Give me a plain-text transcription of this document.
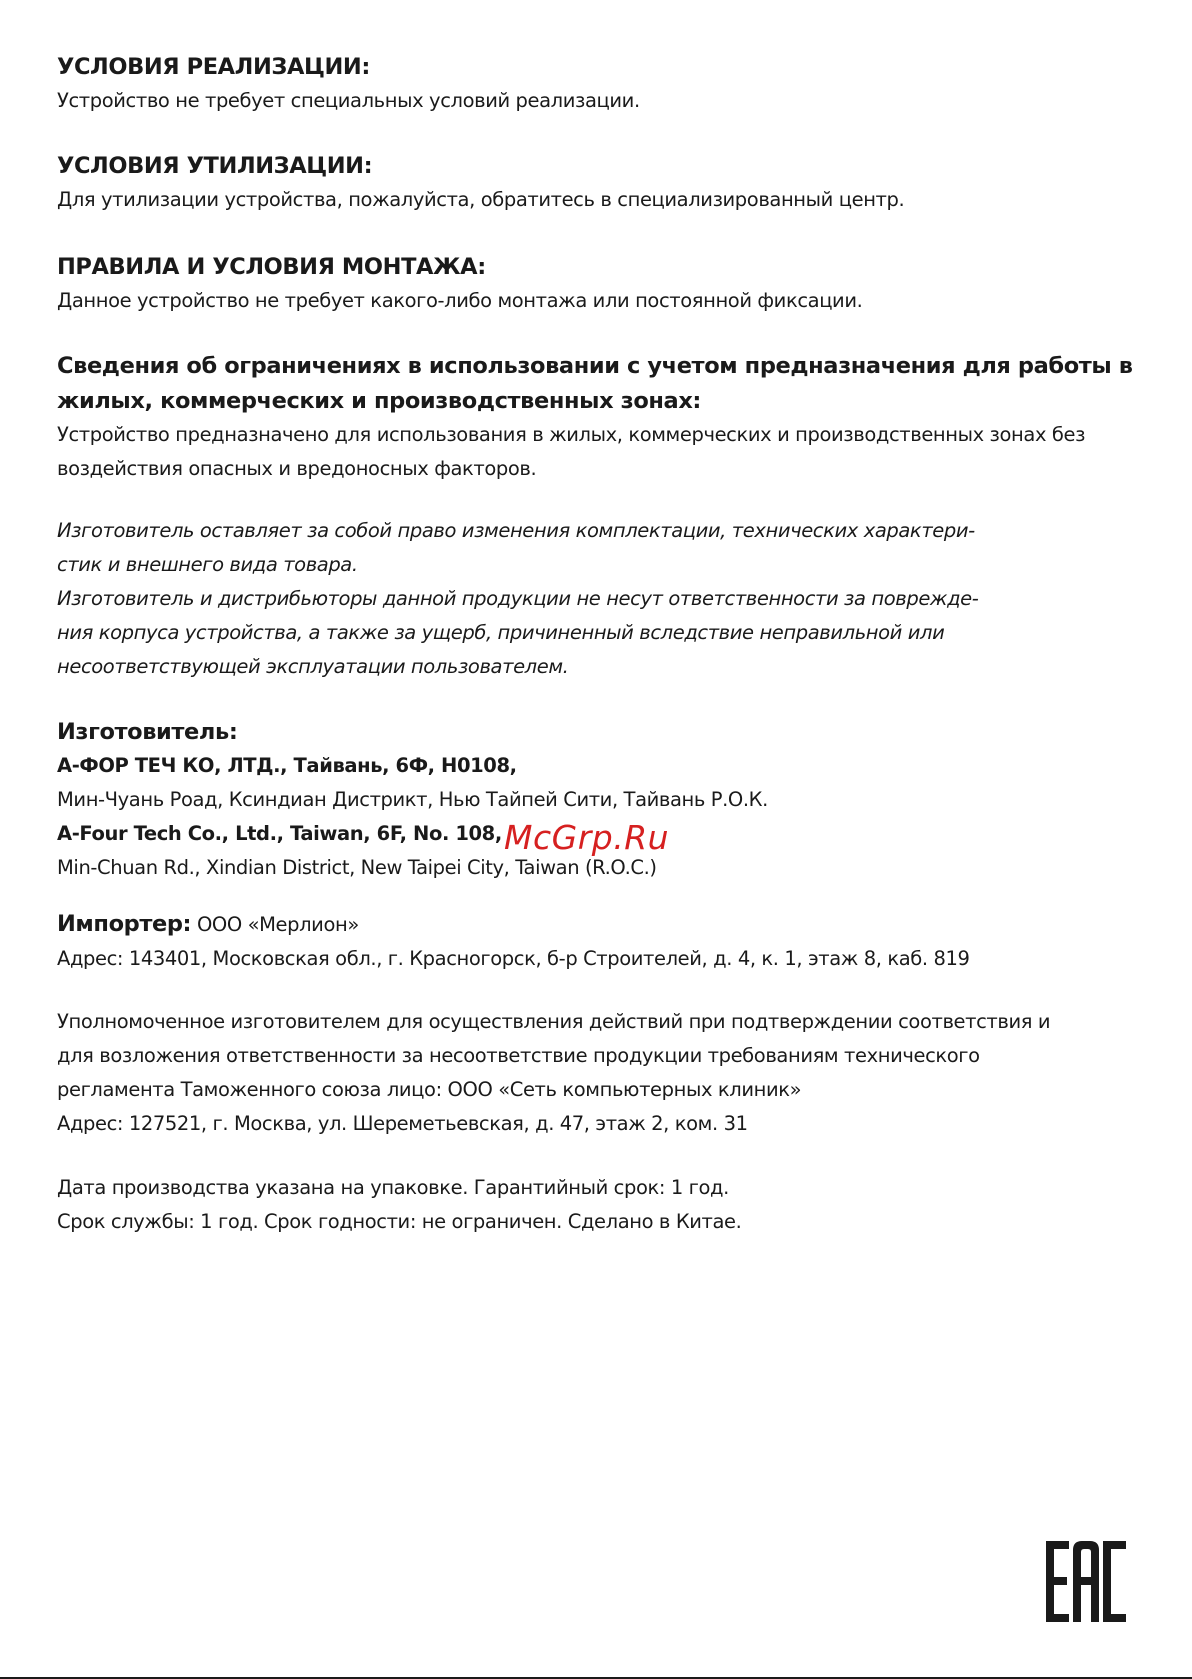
УСЛОВИЯ РЕАЛИЗАЦИИ:

Устройство не требует специальных условий реализации.

УСЛОВИЯ УТИЛИЗАЦИИ:

Для утилизации устройства, пожалуйста, обратитесь в специализированный центр.

ПРАВИЛА И УСЛОВИЯ МОНТАЖА:

Данное устройство не требует какого-либо монтажа или постоянной фиксации.

Сведения об ограничениях в использовании с учетом предназначения для работы в

жилых, коммерческих и производственных зонах:

Устройство предназначено для использования в жилых, коммерческих и производственных зонах без

воздействия опасных и вредоносных факторов.

Изготовитель оставляет за собой право изменения комплектации, технических характери-

стик и внешнего вида товара.

Изготовитель и дистрибьюторы данной продукции не несут ответственности за поврежде-

ния корпуса устройства, а также за ущерб, причиненный вследствие неправильной или

несоответствующей эксплуатации пользователем.

Изготовитель:

А-ФОР ТЕЧ КО, ЛТД., Тайвань, 6Ф, Н0108,

Мин-Чуань Роад, Ксиндиан Дистрикт, Нью Тайпей Сити, Тайвань Р.О.К.

A-Four Tech Co., Ltd., Taiwan, 6F, No. 108,

Min-Chuan Rd., Xindian District, New Taipei City, Taiwan (R.O.C.)

Импортер: ООО «Мерлион»

Адрес: 143401, Московская обл., г. Красногорск, б-р Строителей, д. 4, к. 1, этаж 8, каб. 819

Уполномоченное изготовителем для осуществления действий при подтверждении соответствия и

для возложения ответственности за несоответствие продукции требованиям технического

регламента Таможенного союза лицо: ООО «Сеть компьютерных клиник»

Адрес: 127521, г. Москва, ул. Шереметьевская, д. 47, этаж 2, ком. 31

Дата производства указана на упаковке. Гарантийный срок: 1 год.

Срок службы: 1 год. Срок годности: не ограничен. Сделано в Китае.

McGrp.Ru
